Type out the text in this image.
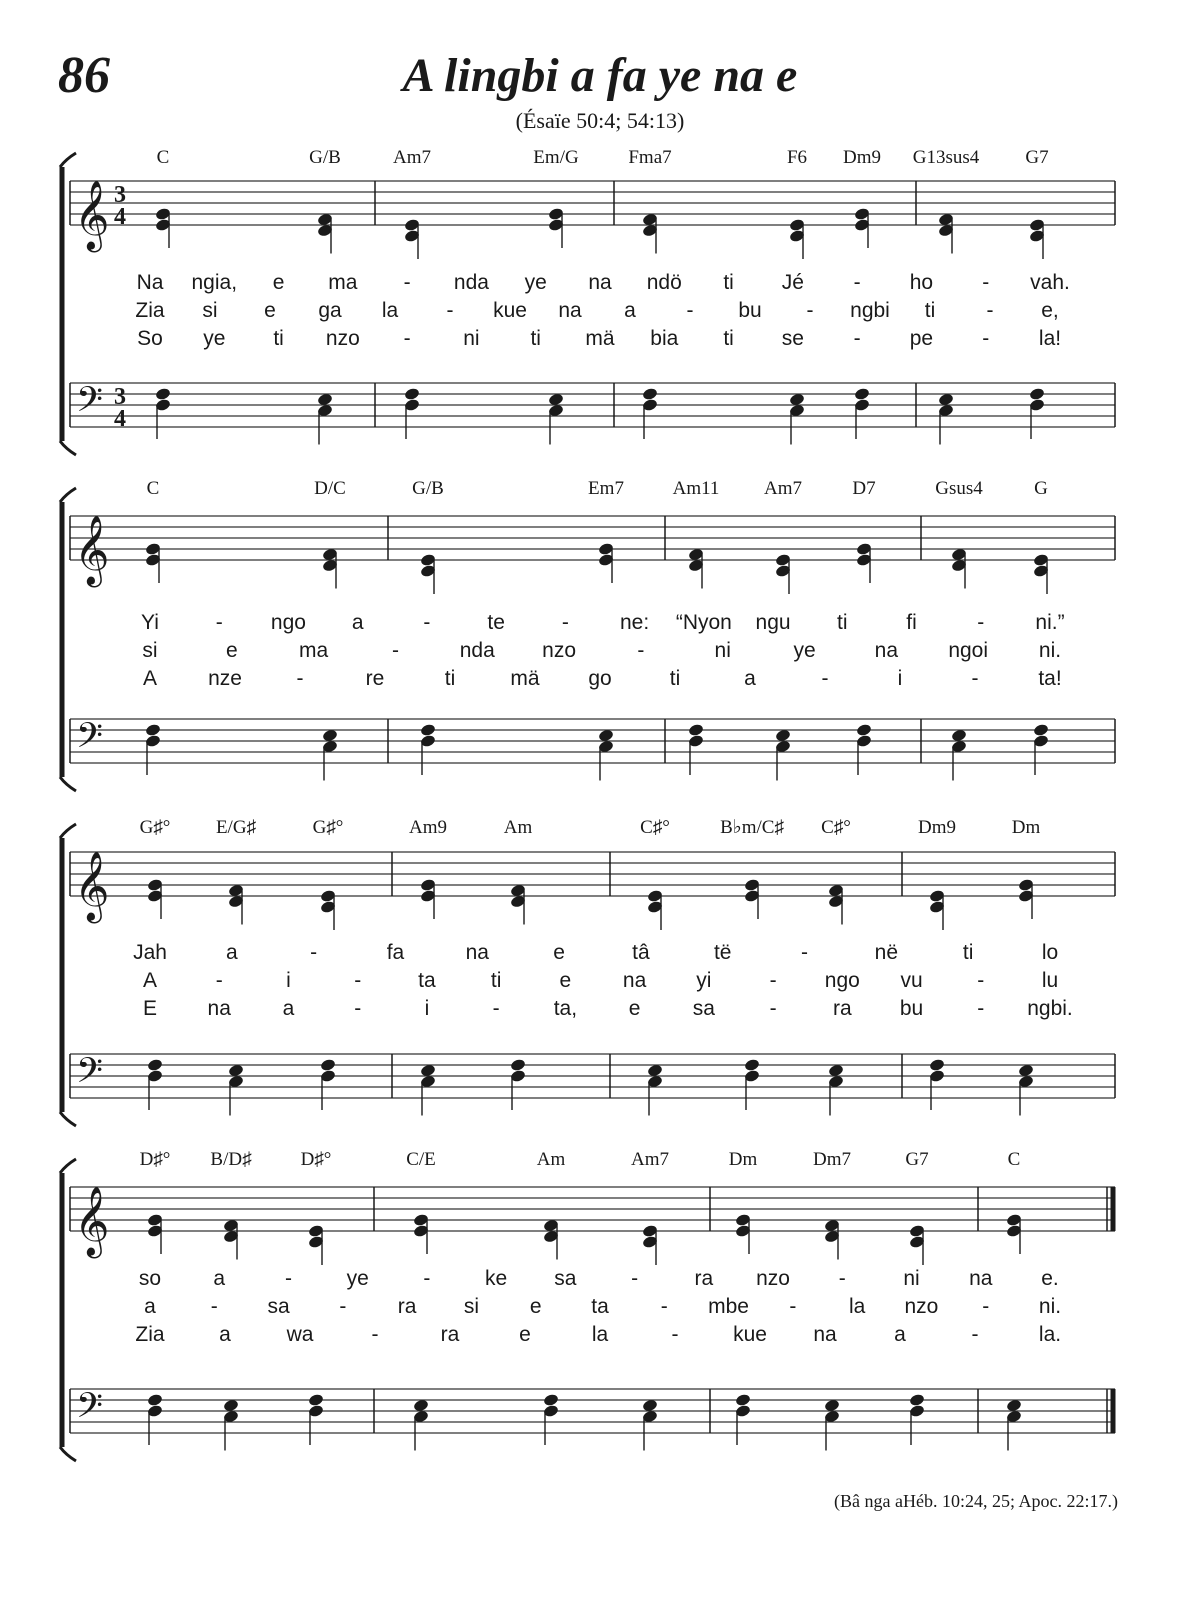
86	A lingbi a fa ye na e
(Ésaïe 50:4; 54:13)
𝄞
𝄢
3
4
3
4
C	G/B	Am7	Em/G	Fma7	F6 Dm9 G13sus4 G7
Na ngia, e ma - nda ye na ndö ti Jé - ho - vah.
Zia si e ga la - kue na a - bu - ngbi ti - e,
So ye ti nzo -	ni ti mä bia ti se - pe - la!
𝄞
𝄢
C	D/C	G/B	Em7	Am11 Am7	D7	Gsus4	G
Yi	- ngo a	-	te	- ne: “Nyon ngu ti	fi	- ni.”
si	e	ma	-	nda nzo	-	ni	ye	na ngoi ni.
A nze	-	re	ti	mä go	ti	a	-	i	-	ta!
𝄞
𝄢
G♯° E/G♯	G♯°	Am9	Am	C♯°	B♭m/C♯ C♯°	Dm9	Dm
Jah	a	-	fa	na	e	tâ	të	-	në	ti	lo
A	-	i	-	ta	ti	e na yi	- ngo vu	-	lu
E na a	-	i	-	ta, e sa	-	ra bu	- ngbi.
𝄞
𝄢
D♯° B/D♯	D♯°	C/E	Am	Am7	Dm	Dm7	G7	C
so a	-	ye	-	ke sa	-	ra nzo -	ni na e.
a	- sa - ra si e ta - mbe -	la nzo - ni.
Zia	a	wa	-	ra	e	la	-	kue na	a	-	la.
(Bâ nga aHéb. 10:24, 25; Apoc. 22:17.)
